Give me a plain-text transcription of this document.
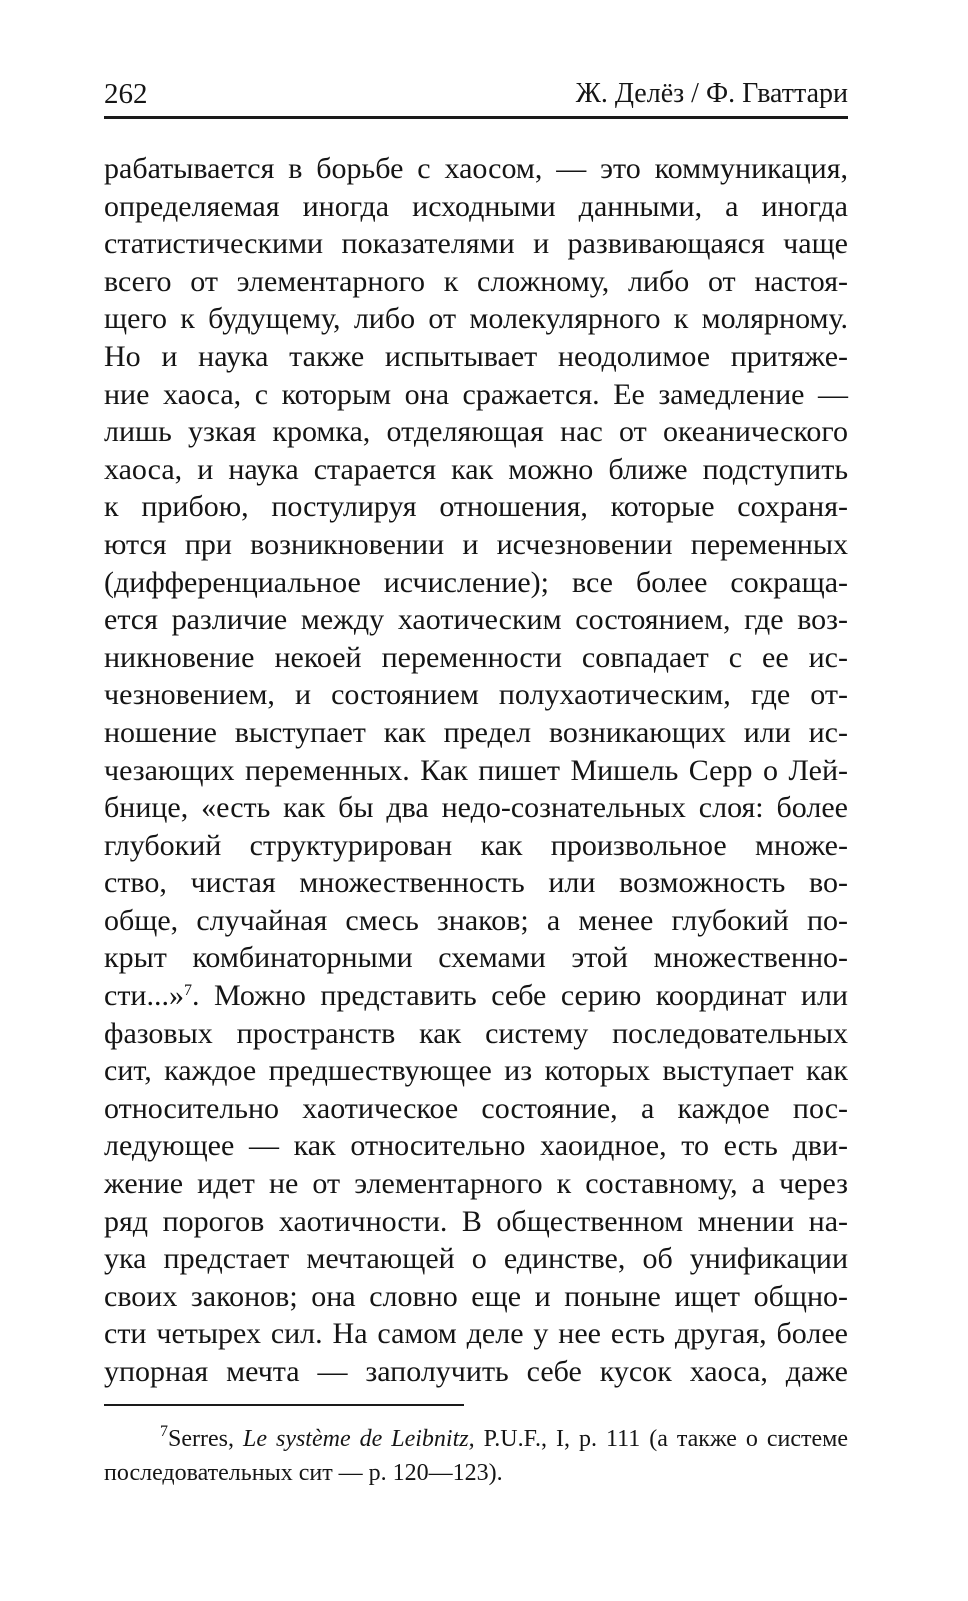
262	Ж. Делёз / Ф. Гваттари
рабатывается в борьбе с хаосом, — это коммуникация,
определяемая иногда исходными данными, а иногда
статистическими показателями и развивающаяся чаще
всего от элементарного к сложному, либо от настоя-
щего к будущему, либо от молекулярного к молярному.
Но и наука также испытывает неодолимое притяже-
ние хаоса, с которым она сражается. Ее замедление —
лишь узкая кромка, отделяющая нас от океанического
хаоса, и наука старается как можно ближе подступить
к прибою, постулируя отношения, которые сохраня-
ются при возникновении и исчезновении переменных
(дифференциальное исчисление); все более сокраща-
ется различие между хаотическим состоянием, где воз-
никновение некоей переменности совпадает с ее ис-
чезновением, и состоянием полухаотическим, где от-
ношение выступает как предел возникающих или ис-
чезающих переменных. Как пишет Мишель Серр о Лей-
бнице, «есть как бы два недо-сознательных слоя: более
глубокий структурирован как произвольное множе-
ство, чистая множественность или возможность во-
обще, случайная смесь знаков; а менее глубокий по-
крыт комбинаторными схемами этой множественно-
сти...»$^7$. Можно представить себе серию координат или
фазовых пространств как систему последовательных
сит, каждое предшествующее из которых выступает как
относительно хаотическое состояние, а каждое пос-
ледующее — как относительно хаоидное, то есть дви-
жение идет не от элементарного к составному, а через
ряд порогов хаотичности. В общественном мнении на-
ука предстает мечтающей о единстве, об унификации
своих законов; она словно еще и поныне ищет общно-
сти четырех сил. На самом деле у нее есть другая, более
упорная мечта — заполучить себе кусок хаоса, даже
$^7$Serres, Le système de Leibnitz, P.U.F., I, p. 111 (а также о системе
последовательных сит — р. 120—123).
